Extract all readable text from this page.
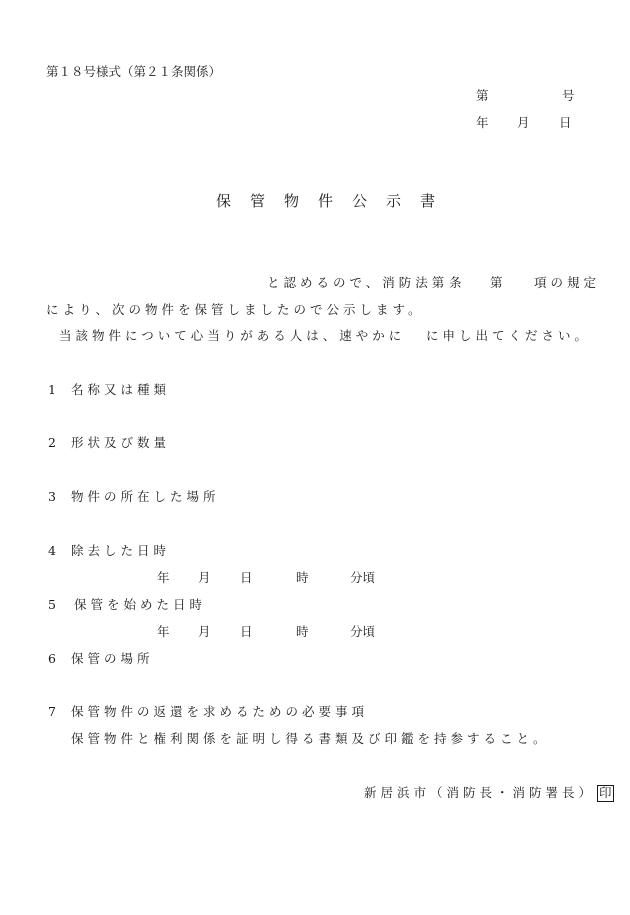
第１８号様式（第２１条関係）
第	号
年 月 日
保管物件公示書
と認めるので、消防法第 条 第	項の規定
により、次の物件を保管しましたので公示します。
当該物件について心当りがある人は、速やかに に申し出てください。
1 名称又は種類
2 形状及び数量
3 物件の所在した場所
4 除去した日時
年 月 日	時	分頃
5 保管を始めた日時
年 月 日	時	分頃
6 保管の場所
7 保管物件の返還を求めるための必要事項
保管物件と権利関係を証明し得る書類及び印鑑を持参すること。
新居浜市（消防長・消防署長） 印
